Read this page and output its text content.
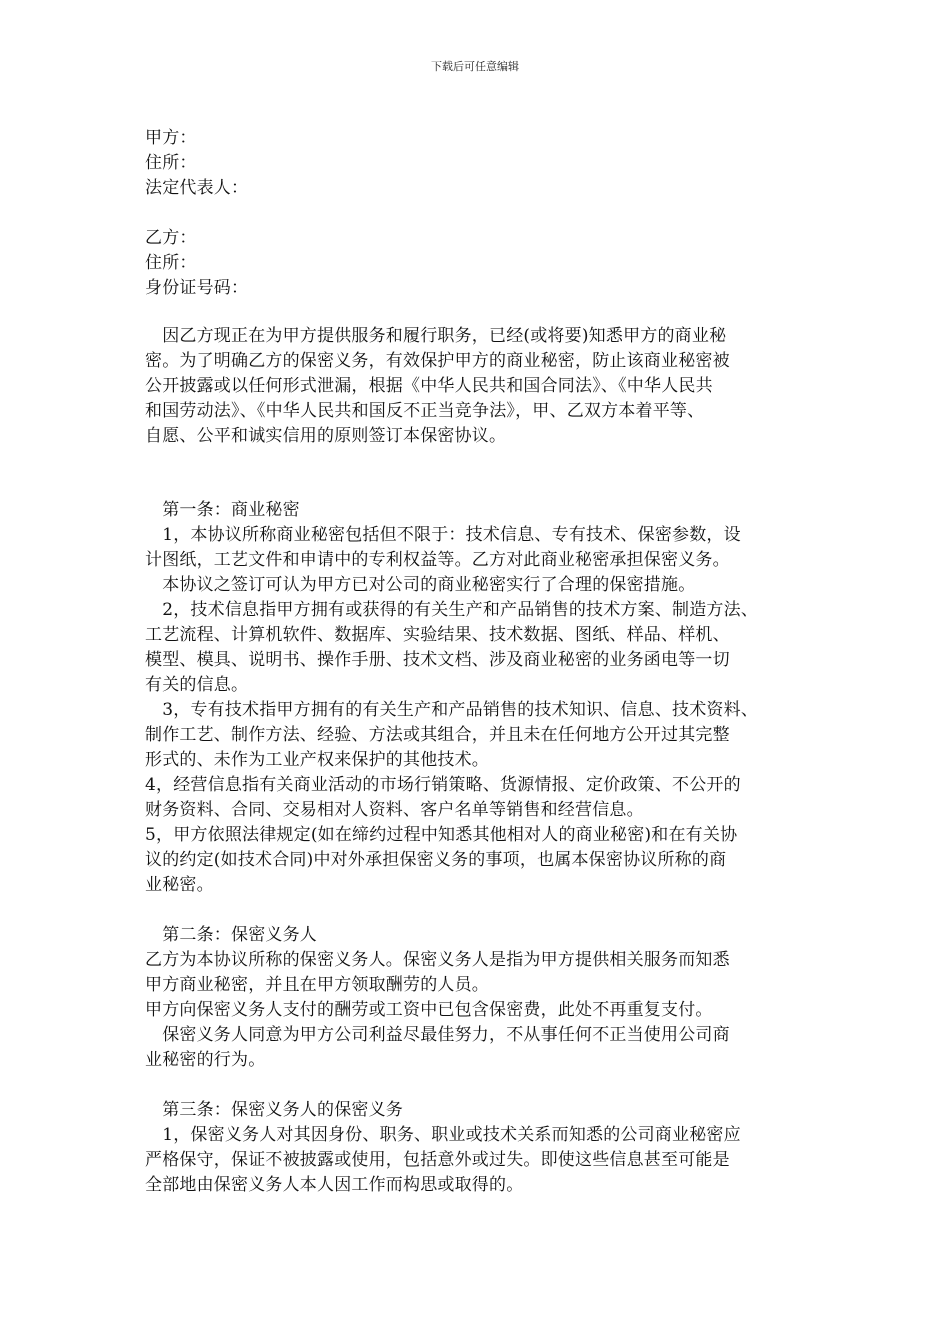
下载后可任意编辑
甲方：
住所：
法定代表人：
乙方：
住所：
身份证号码：
　因乙方现正在为甲方提供服务和履行职务，已经(或将要)知悉甲方的商业秘
密。为了明确乙方的保密义务，有效保护甲方的商业秘密，防止该商业秘密被
公开披露或以任何形式泄漏，根据《中华人民共和国合同法》、《中华人民共
和国劳动法》、《中华人民共和国反不正当竞争法》，甲、乙双方本着平等、
自愿、公平和诚实信用的原则签订本保密协议。
　第一条：商业秘密
　1，本协议所称商业秘密包括但不限于：技术信息、专有技术、保密参数，设
计图纸，工艺文件和申请中的专利权益等。乙方对此商业秘密承担保密义务。
　本协议之签订可认为甲方已对公司的商业秘密实行了合理的保密措施。
　2，技术信息指甲方拥有或获得的有关生产和产品销售的技术方案、制造方法、
工艺流程、计算机软件、数据库、实验结果、技术数据、图纸、样品、样机、
模型、模具、说明书、操作手册、技术文档、涉及商业秘密的业务函电等一切
有关的信息。
　3，专有技术指甲方拥有的有关生产和产品销售的技术知识、信息、技术资料、
制作工艺、制作方法、经验、方法或其组合，并且未在任何地方公开过其完整
形式的、未作为工业产权来保护的其他技术。
4，经营信息指有关商业活动的市场行销策略、货源情报、定价政策、不公开的
财务资料、合同、交易相对人资料、客户名单等销售和经营信息。
5，甲方依照法律规定(如在缔约过程中知悉其他相对人的商业秘密)和在有关协
议的约定(如技术合同)中对外承担保密义务的事项，也属本保密协议所称的商
业秘密。
　第二条：保密义务人
乙方为本协议所称的保密义务人。保密义务人是指为甲方提供相关服务而知悉
甲方商业秘密，并且在甲方领取酬劳的人员。
甲方向保密义务人支付的酬劳或工资中已包含保密费，此处不再重复支付。
　保密义务人同意为甲方公司利益尽最佳努力，不从事任何不正当使用公司商
业秘密的行为。
　第三条：保密义务人的保密义务
　1，保密义务人对其因身份、职务、职业或技术关系而知悉的公司商业秘密应
严格保守，保证不被披露或使用，包括意外或过失。即使这些信息甚至可能是
全部地由保密义务人本人因工作而构思或取得的。
